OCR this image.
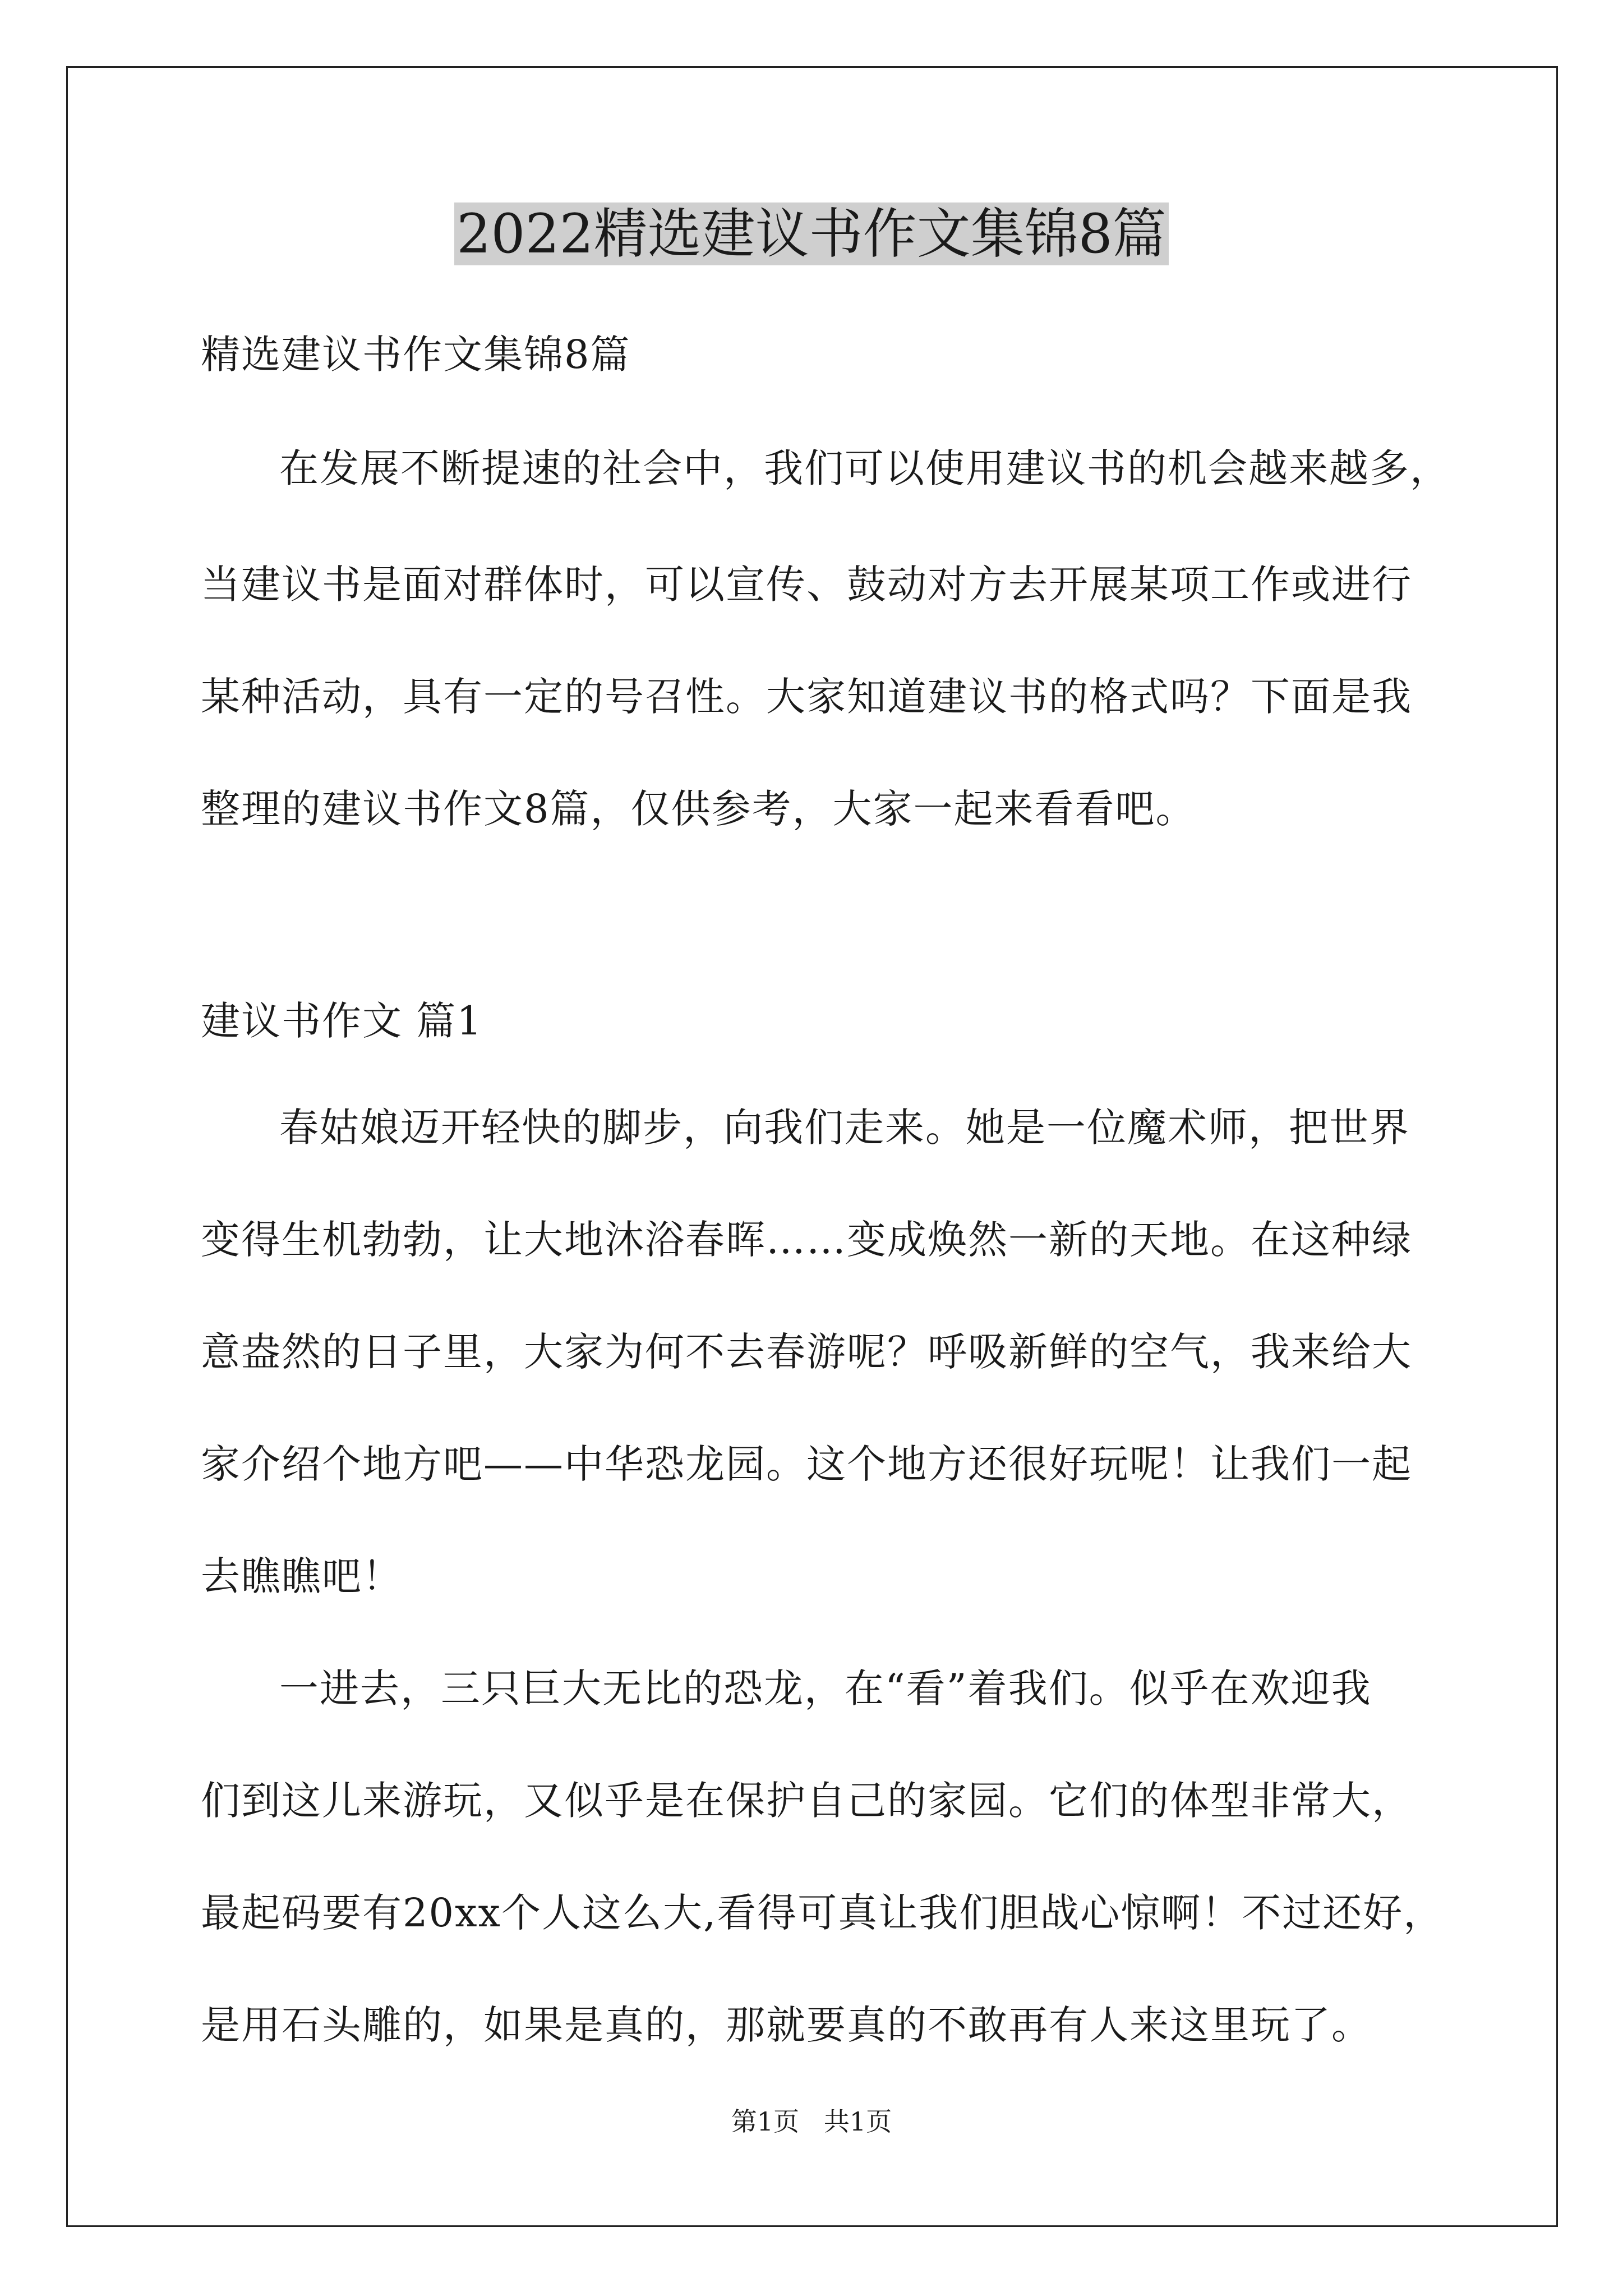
2022精选建议书作文集锦8篇
精选建议书作文集锦8篇
在发展不断提速的社会中，我们可以使用建议书的机会越来越多，
当建议书是面对群体时，可以宣传、鼓动对方去开展某项工作或进行
某种活动，具有一定的号召性。大家知道建议书的格式吗？下面是我
整理的建议书作文8篇，仅供参考，大家一起来看看吧。
建议书作文 篇1
春姑娘迈开轻快的脚步，向我们走来。她是一位魔术师，把世界
变得生机勃勃，让大地沐浴春晖……变成焕然一新的天地。在这种绿
意盎然的日子里，大家为何不去春游呢？呼吸新鲜的空气，我来给大
家介绍个地方吧——中华恐龙园。这个地方还很好玩呢！让我们一起
去瞧瞧吧！
一进去，三只巨大无比的恐龙，在“看”着我们。似乎在欢迎我
们到这儿来游玩，又似乎是在保护自己的家园。它们的体型非常大，
最起码要有20xx个人这么大,看得可真让我们胆战心惊啊！不过还好，
是用石头雕的，如果是真的，那就要真的不敢再有人来这里玩了。
第1页   共1页
